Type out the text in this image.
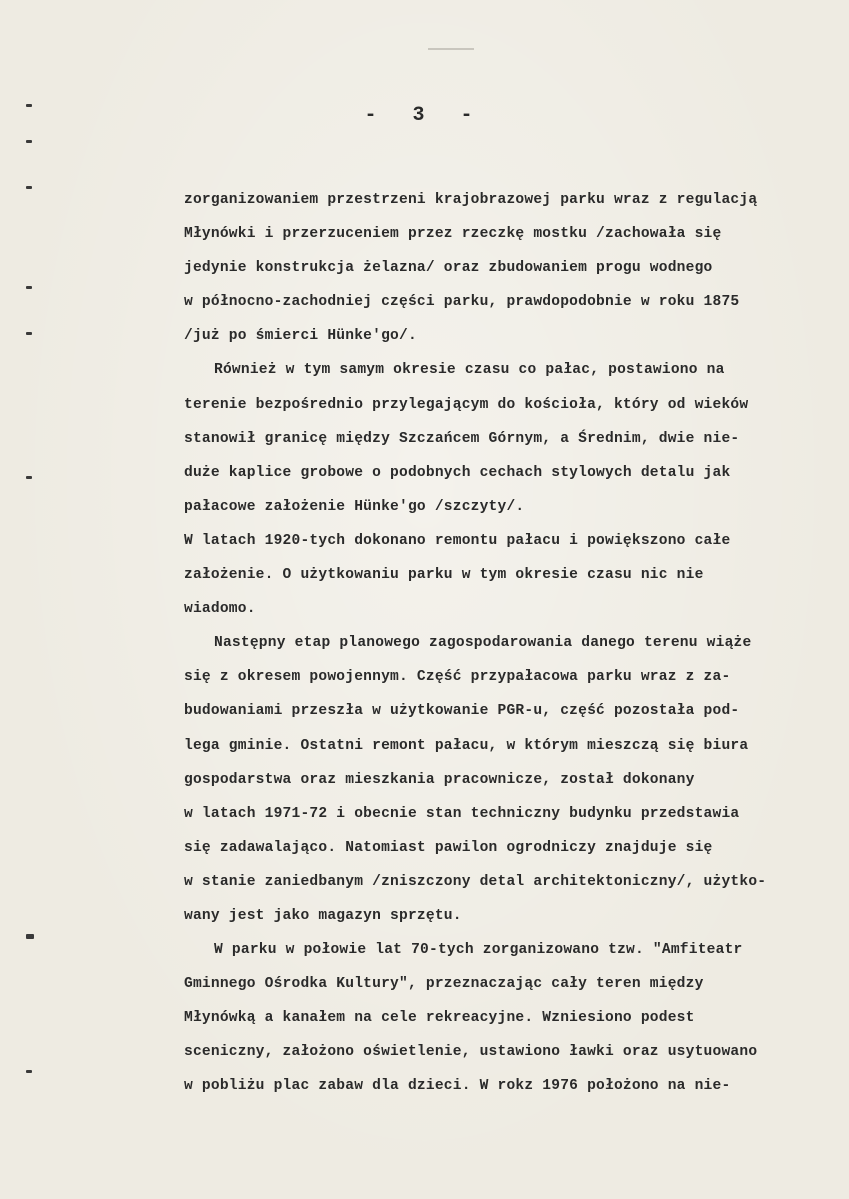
- 3 -
zorganizowaniem przestrzeni krajobrazowej parku wraz z regulacją
Młynówki i przerzuceniem przez rzeczkę mostku /zachowała się
jedynie konstrukcja żelazna/ oraz zbudowaniem progu wodnego
w północno-zachodniej części parku, prawdopodobnie w roku 1875
/już po śmierci Hünke'go/.
Również w tym samym okresie czasu co pałac, postawiono na
terenie bezpośrednio przylegającym do kościoła, który od wieków
stanowił granicę między Szczańcem Górnym, a Średnim, dwie nie-
duże kaplice grobowe o podobnych cechach stylowych detalu jak
pałacowe założenie Hünke'go /szczyty/.
W latach 1920-tych dokonano remontu pałacu i powiększono całe
założenie. O użytkowaniu parku w tym okresie czasu nic nie
wiadomo.
Następny etap planowego zagospodarowania danego terenu wiąże
się z okresem powojennym. Część przypałacowa parku wraz z za-
budowaniami przeszła w użytkowanie PGR-u, część pozostała pod-
lega gminie. Ostatni remont pałacu, w którym mieszczą się biura
gospodarstwa oraz mieszkania pracownicze, został dokonany
w latach 1971-72 i obecnie stan techniczny budynku przedstawia
się zadawalająco. Natomiast pawilon ogrodniczy znajduje się
w stanie zaniedbanym /zniszczony detal architektoniczny/, użytko-
wany jest jako magazyn sprzętu.
W parku w połowie lat 70-tych zorganizowano tzw. "Amfiteatr
Gminnego Ośrodka Kultury", przeznaczając cały teren między
Młynówką a kanałem na cele rekreacyjne. Wzniesiono podest
sceniczny, założono oświetlenie, ustawiono ławki oraz usytuowano
w pobliżu plac zabaw dla dzieci. W rokz 1976 położono na nie-
